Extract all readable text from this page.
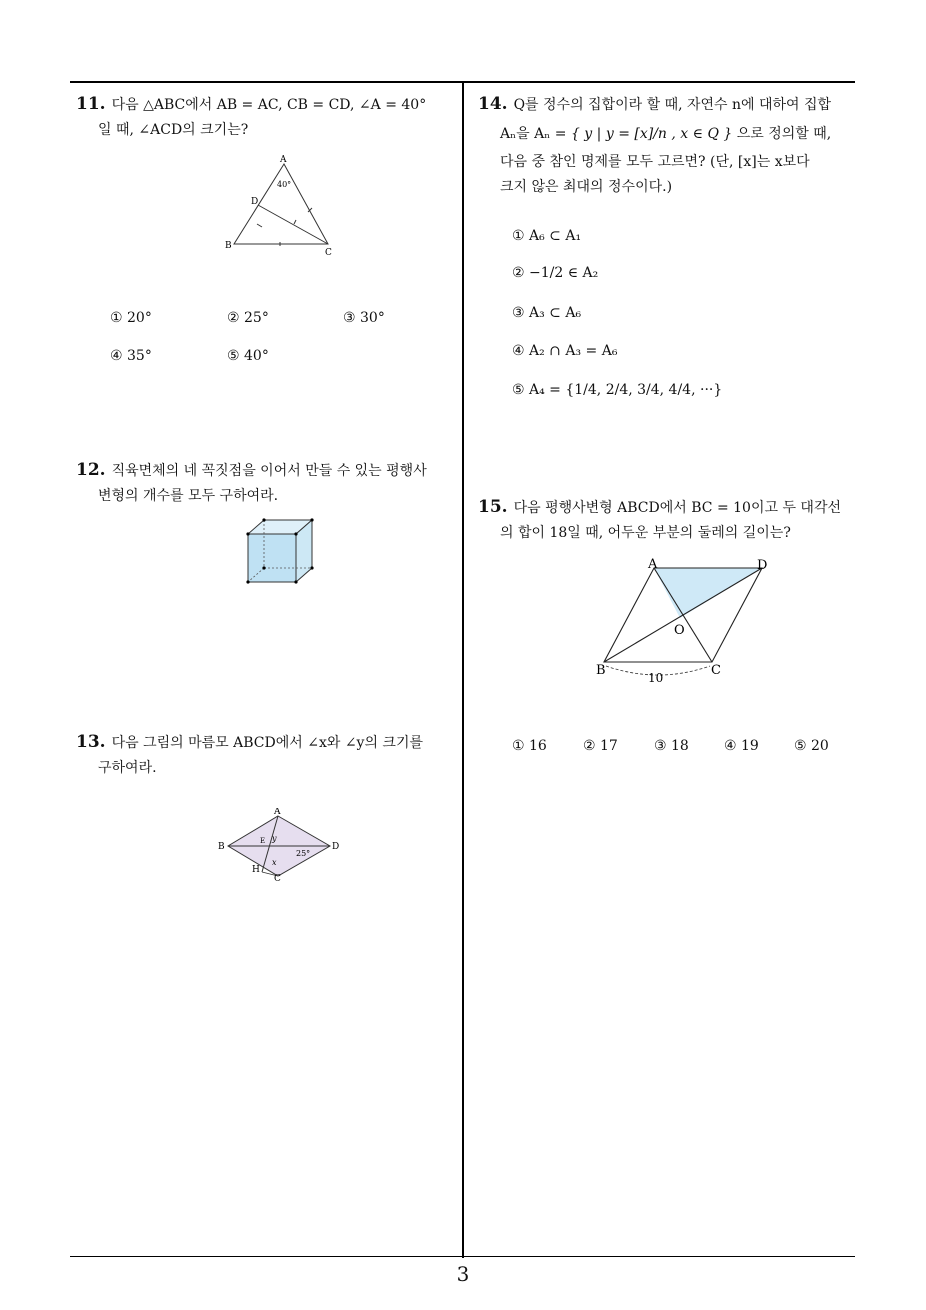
11. 다음 △ABC에서 AB = AC, CB = CD, ∠A = 40°
일 때, ∠ACD의 크기는?
A
B
C
D
40°
① 20°	② 25°	③ 30°
④ 35°	⑤ 40°
12. 직육면체의 네 꼭짓점을 이어서 만들 수 있는 평행사
변형의 개수를 모두 구하여라.
13. 다음 그림의 마름모 ABCD에서 ∠x와 ∠y의 크기를
구하여라.
A
B
C
D
H
E
x
y
25°
14. Q를 정수의 집합이라 할 때, 자연수 n에 대하여 집합
Aₙ을 Aₙ = { y | y = [x]/n , x ∈ Q } 으로 정의할 때,
다음 중 참인 명제를 모두 고르면? (단, [x]는 x보다
크지 않은 최대의 정수이다.)
① A₆ ⊂ A₁
② −1/2 ∈ A₂
③ A₃ ⊂ A₆
④ A₂ ∩ A₃ = A₆
⑤ A₄ = {1/4, 2/4, 3/4, 4/4, ···}
15. 다음 평행사변형 ABCD에서 BC = 10이고 두 대각선
의 합이 18일 때, 어두운 부분의 둘레의 길이는?
A
B	C
D
O
10
① 16	② 17	③ 18	④ 19	⑤ 20
3
